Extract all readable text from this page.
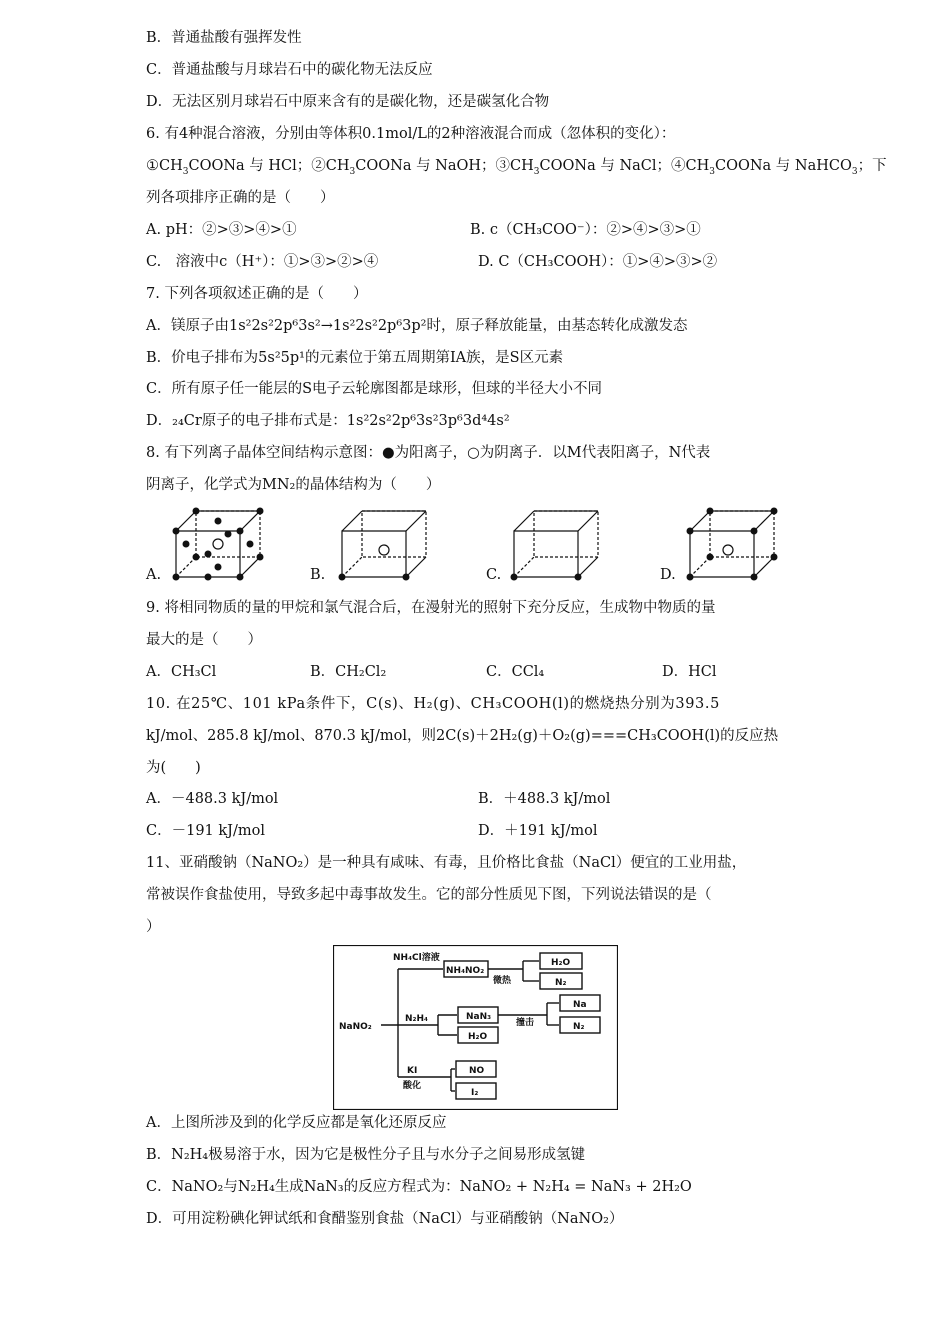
B．普通盐酸有强挥发性
C．普通盐酸与月球岩石中的碳化物无法反应
D．无法区别月球岩石中原来含有的是碳化物，还是碳氢化合物
6. 有4种混合溶液，分别由等体积0.1mol/L的2种溶液混合而成（忽体积的变化）：
$①CH_3COONa$ 与 HCl；$②CH_3COONa$ 与 NaOH；$③CH_3COONa$ 与 NaCl；$④CH_3COONa$ 与 NaHCO$_3$；下
列各项排序正确的是（　　）
A. pH：②>③>④>①	B. c（CH₃COO⁻）：②>④>③>①
C.　溶液中c（H⁺）：①>③>②>④	D. C（CH₃COOH）：①>④>③>②
7. 下列各项叙述正确的是（　　）
A．镁原子由1s²2s²2p⁶3s²→1s²2s²2p⁶3p²时，原子释放能量，由基态转化成激发态
B．价电子排布为5s²5p¹的元素位于第五周期第ⅠA族，是S区元素
C．所有原子任一能层的S电子云轮廓图都是球形，但球的半径大小不同
D．₂₄Cr原子的电子排布式是：1s²2s²2p⁶3s²3p⁶3d⁴4s²
8. 有下列离子晶体空间结构示意图：●为阳离子，○为阴离子．以M代表阳离子，N代表
阴离子，化学式为MN₂的晶体结构为（　　）
A.	B.	C.	D.
9. 将相同物质的量的甲烷和氯气混合后，在漫射光的照射下充分反应，生成物中物质的量
最大的是（　　）
A．CH₃Cl	B．CH₂Cl₂	C．CCl₄	D．HCl
10. 在25℃、101 kPa条件下，C(s)、H₂(g)、CH₃COOH(l)的燃烧热分别为393.5
kJ/mol、285.8 kJ/mol、870.3 kJ/mol，则2C(s)＋2H₂(g)＋O₂(g)===CH₃COOH(l)的反应热
为(　　)
A．－488.3 kJ/mol	B．＋488.3 kJ/mol
C．－191 kJ/mol	D．＋191 kJ/mol
11、亚硝酸钠（NaNO₂）是一种具有咸味、有毒，且价格比食盐（NaCl）便宜的工业用盐，
常被误作食盐使用，导致多起中毒事故发生。它的部分性质见下图，下列说法错误的是（
）
NaNO₂
NH₄Cl溶液
NH₄NO₂
微热
H₂O
N₂
N₂H₄	NaN₃
H₂O
撞击
Na
N₂
KI
酸化
NO
I₂
A．上图所涉及到的化学反应都是氧化还原反应
B．N₂H₄极易溶于水，因为它是极性分子且与水分子之间易形成氢键
C．NaNO₂与N₂H₄生成NaN₃的反应方程式为：NaNO₂ + N₂H₄ = NaN₃ + 2H₂O
D．可用淀粉碘化钾试纸和食醋鉴别食盐（NaCl）与亚硝酸钠（NaNO₂）
